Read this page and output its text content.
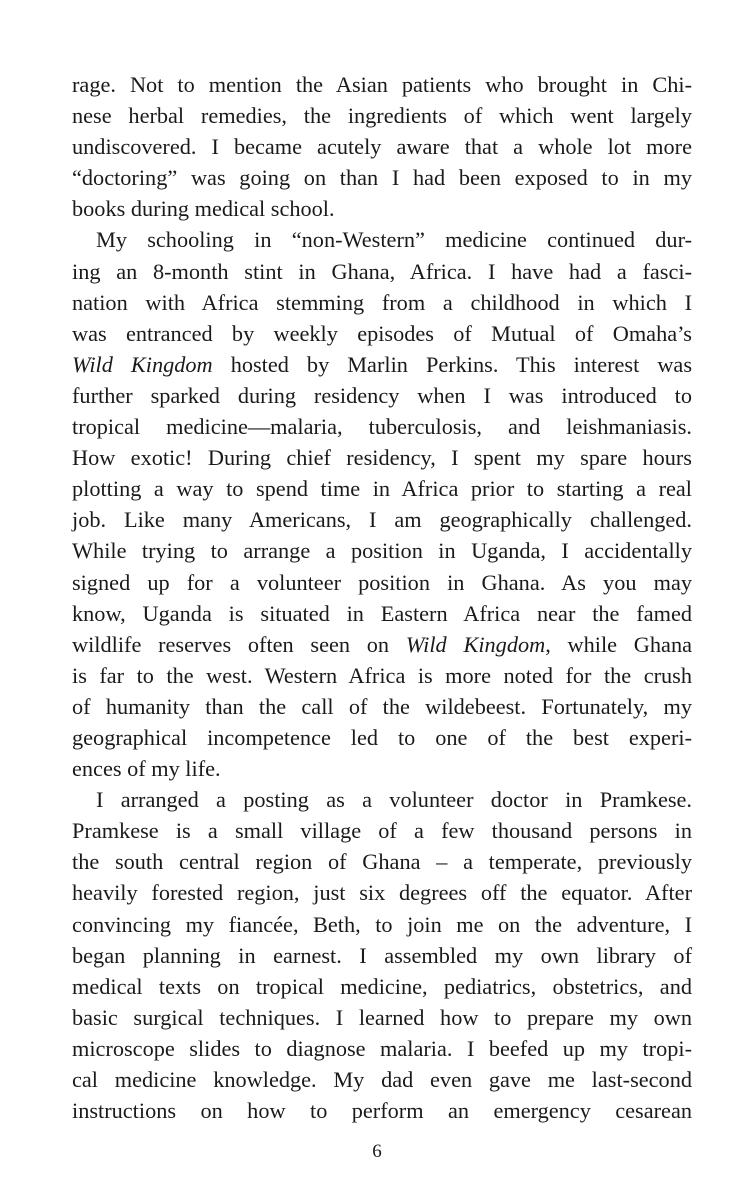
rage. Not to mention the Asian patients who brought in Chi-
nese herbal remedies, the ingredients of which went largely
undiscovered. I became acutely aware that a whole lot more
“doctoring” was going on than I had been exposed to in my
books during medical school.
My schooling in “non-Western” medicine continued dur-
ing an 8-month stint in Ghana, Africa. I have had a fasci-
nation with Africa stemming from a childhood in which I
was entranced by weekly episodes of Mutual of Omaha’s
Wild Kingdom hosted by Marlin Perkins. This interest was
further sparked during residency when I was introduced to
tropical medicine—malaria, tuberculosis, and leishmaniasis.
How exotic! During chief residency, I spent my spare hours
plotting a way to spend time in Africa prior to starting a real
job. Like many Americans, I am geographically challenged.
While trying to arrange a position in Uganda, I accidentally
signed up for a volunteer position in Ghana. As you may
know, Uganda is situated in Eastern Africa near the famed
wildlife reserves often seen on Wild Kingdom, while Ghana
is far to the west. Western Africa is more noted for the crush
of humanity than the call of the wildebeest. Fortunately, my
geographical incompetence led to one of the best experi-
ences of my life.
I arranged a posting as a volunteer doctor in Pramkese.
Pramkese is a small village of a few thousand persons in
the south central region of Ghana – a temperate, previously
heavily forested region, just six degrees off the equator. After
convincing my fiancée, Beth, to join me on the adventure, I
began planning in earnest. I assembled my own library of
medical texts on tropical medicine, pediatrics, obstetrics, and
basic surgical techniques. I learned how to prepare my own
microscope slides to diagnose malaria. I beefed up my tropi-
cal medicine knowledge. My dad even gave me last-second
instructions on how to perform an emergency cesarean
6
